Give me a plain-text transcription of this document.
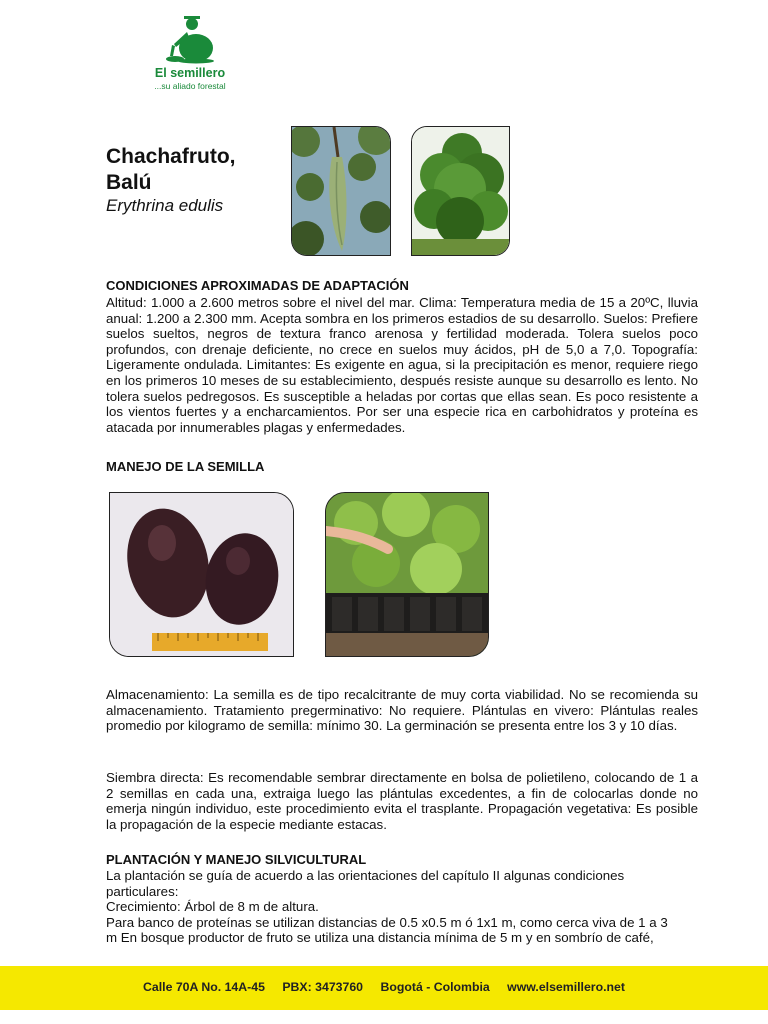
El semillero
...su aliado forestal
Chachafruto,
Balú
Erythrina edulis
CONDICIONES APROXIMADAS DE ADAPTACIÓN
Altitud: 1.000 a 2.600 metros sobre el nivel del mar. Clima: Temperatura media de 15 a 20ºC, lluvia anual: 1.200 a 2.300 mm. Acepta sombra en los primeros estadios de su desarrollo. Suelos: Prefiere suelos sueltos, negros de textura franco arenosa y fertilidad moderada. Tolera suelos poco profundos, con drenaje deficiente, no crece en suelos muy ácidos, pH de 5,0 a 7,0. Topografía: Ligeramente ondulada. Limitantes: Es exigente en agua, si la precipitación es menor, requiere riego en los primeros 10 meses de su establecimiento, después resiste aunque su desarrollo es lento. No tolera suelos pedregosos. Es susceptible a heladas por cortas que ellas sean. Es poco resistente a los vientos fuertes y a encharcamientos. Por ser una especie rica en carbohidratos y proteína es atacada por innumerables plagas y enfermedades.
MANEJO DE LA SEMILLA
Almacenamiento: La semilla es de tipo recalcitrante de muy corta viabilidad. No se recomienda su almacenamiento. Tratamiento pregerminativo: No requiere. Plántulas en vivero: Plántulas reales promedio por kilogramo de semilla: mínimo 30. La germinación se presenta entre los 3 y 10 días.
Siembra directa: Es recomendable sembrar directamente en bolsa de polietileno, colocando de 1 a 2 semillas en cada una, extraiga luego las plántulas excedentes, a fin de colocarlas donde no emerja ningún individuo, este procedimiento evita el trasplante. Propagación vegetativa: Es posible la propagación de la especie mediante estacas.
PLANTACIÓN Y MANEJO SILVICULTURAL
La plantación se guía de acuerdo a las orientaciones del capítulo II algunas condiciones
particulares:
Crecimiento: Árbol de 8 m de altura.
Para banco de proteínas se utilizan distancias de 0.5 x0.5 m ó 1x1 m, como cerca viva de 1 a 3
m En bosque productor de fruto se utiliza una distancia mínima de 5 m y en sombrío de café,
Calle 70A No. 14A-45 PBX: 3473760 Bogotá - Colombia www.elsemillero.net
